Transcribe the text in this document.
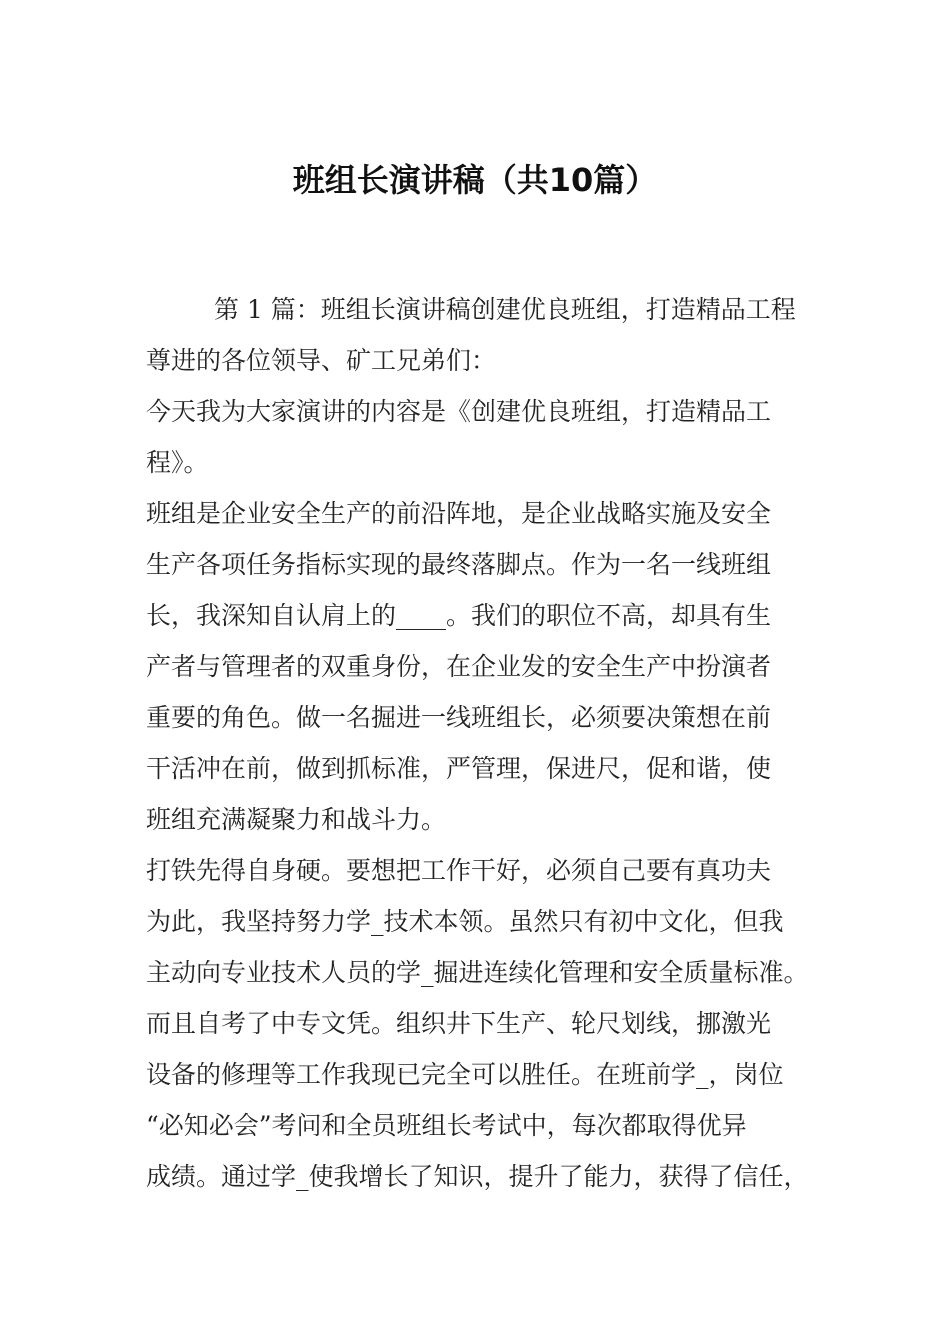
班组长演讲稿（共10篇）
第 1 篇：班组长演讲稿创建优良班组，打造精品工程
尊进的各位领导、矿工兄弟们：
今天我为大家演讲的内容是《创建优良班组，打造精品工
程》。
班组是企业安全生产的前沿阵地，是企业战略实施及安全
生产各项任务指标实现的最终落脚点。作为一名一线班组
长，我深知自认肩上的____。我们的职位不高，却具有生
产者与管理者的双重身份，在企业发的安全生产中扮演者
重要的角色。做一名掘进一线班组长，必须要决策想在前
干活冲在前，做到抓标准，严管理，保进尺，促和谐，使
班组充满凝聚力和战斗力。
打铁先得自身硬。要想把工作干好，必须自己要有真功夫
为此，我坚持努力学_技术本领。虽然只有初中文化，但我
主动向专业技术人员的学_掘进连续化管理和安全质量标准。
而且自考了中专文凭。组织井下生产、轮尺划线，挪激光
设备的修理等工作我现已完全可以胜任。在班前学_，岗位
“必知必会”考问和全员班组长考试中，每次都取得优异
成绩。通过学_使我增长了知识，提升了能力，获得了信任，
